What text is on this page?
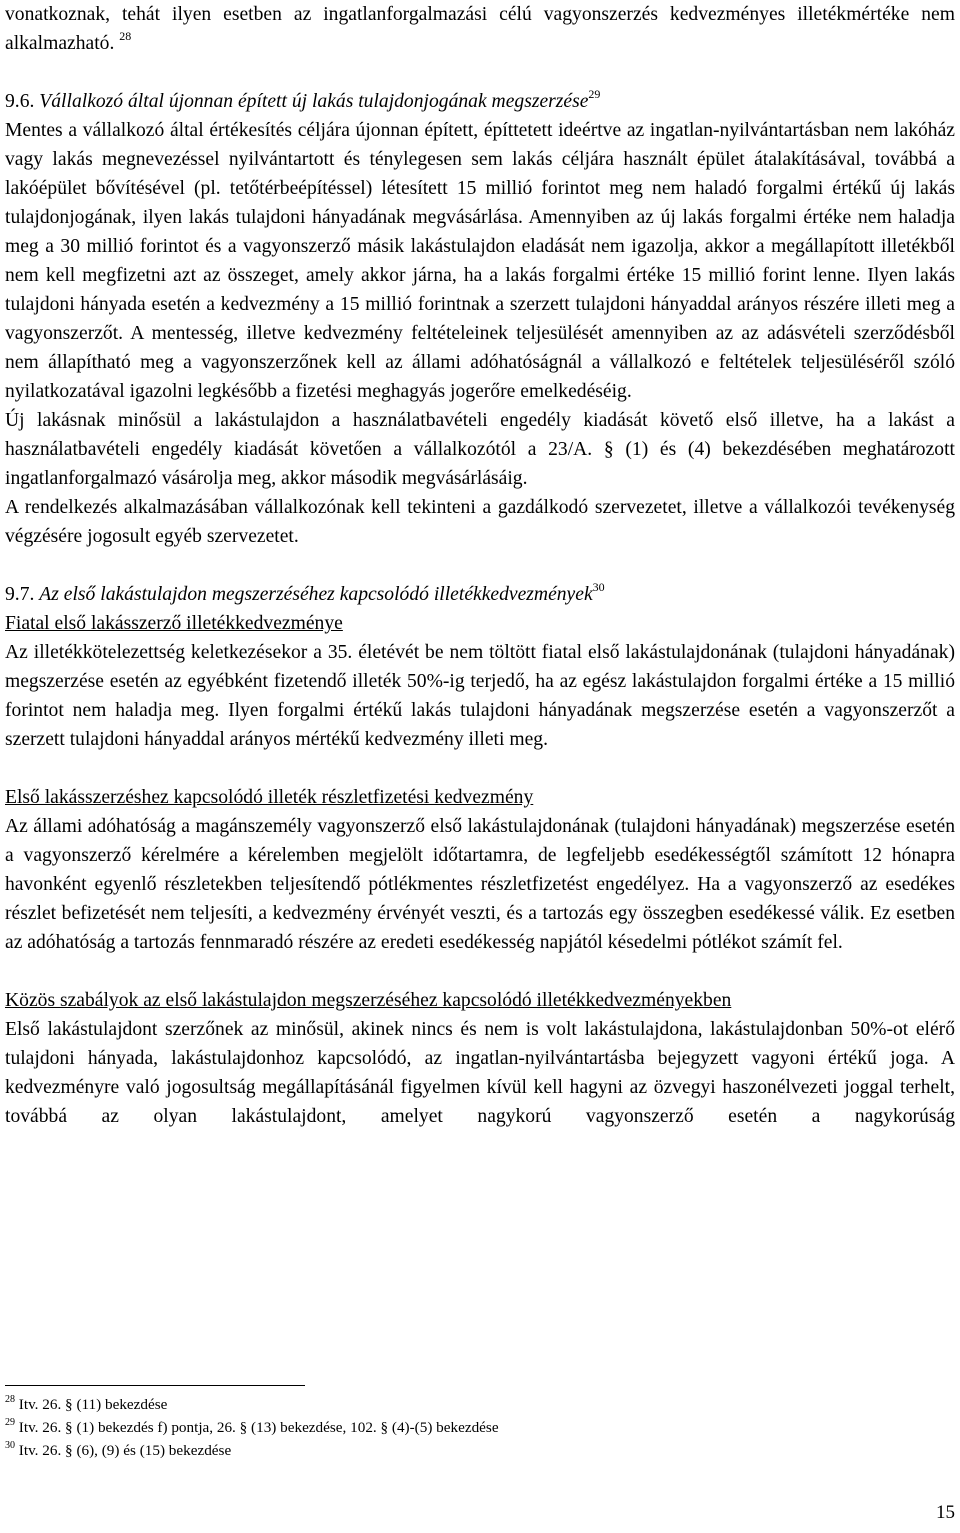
vonatkoznak, tehát ilyen esetben az ingatlanforgalmazási célú vagyonszerzés kedvezményes illetékmértéke nem alkalmazható. $^{28}$

9.6. Vállalkozó által újonnan épített új lakás tulajdonjogának megszerzése$^{29}$

Mentes a vállalkozó által értékesítés céljára újonnan épített, építtetett ideértve az ingatlan-nyilvántartásban nem lakóház vagy lakás megnevezéssel nyilvántartott és ténylegesen sem lakás céljára használt épület átalakításával, továbbá a lakóépület bővítésével (pl. tetőtérbeépítéssel) létesített 15 millió forintot meg nem haladó forgalmi értékű új lakás tulajdonjogának, ilyen lakás tulajdoni hányadának megvásárlása. Amennyiben az új lakás forgalmi értéke nem haladja meg a 30 millió forintot és a vagyonszerző másik lakástulajdon eladását nem igazolja, akkor a megállapított illetékből nem kell megfizetni azt az összeget, amely akkor járna, ha a lakás forgalmi értéke 15 millió forint lenne. Ilyen lakás tulajdoni hányada esetén a kedvezmény a 15 millió forintnak a szerzett tulajdoni hányaddal arányos részére illeti meg a vagyonszerzőt. A mentesség, illetve kedvezmény feltételeinek teljesülését amennyiben az az adásvételi szerződésből nem állapítható meg a vagyonszerzőnek kell az állami adóhatóságnál a vállalkozó e feltételek teljesüléséről szóló nyilatkozatával igazolni legkésőbb a fizetési meghagyás jogerőre emelkedéséig.

Új lakásnak minősül a lakástulajdon a használatbavételi engedély kiadását követő első illetve, ha a lakást a használatbavételi engedély kiadását követően a vállalkozótól a 23/A. § (1) és (4) bekezdésében meghatározott ingatlanforgalmazó vásárolja meg, akkor második megvásárlásáig.

A rendelkezés alkalmazásában vállalkozónak kell tekinteni a gazdálkodó szervezetet, illetve a vállalkozói tevékenység végzésére jogosult egyéb szervezetet.

9.7. Az első lakástulajdon megszerzéséhez kapcsolódó illetékkedvezmények$^{30}$

Fiatal első lakásszerző illetékkedvezménye

Az illetékkötelezettség keletkezésekor a 35. életévét be nem töltött fiatal első lakástulajdonának (tulajdoni hányadának) megszerzése esetén az egyébként fizetendő illeték 50%-ig terjedő, ha az egész lakástulajdon forgalmi értéke a 15 millió forintot nem haladja meg. Ilyen forgalmi értékű lakás tulajdoni hányadának megszerzése esetén a vagyonszerzőt a szerzett tulajdoni hányaddal arányos mértékű kedvezmény illeti meg.

Első lakásszerzéshez kapcsolódó illeték részletfizetési kedvezmény

Az állami adóhatóság a magánszemély vagyonszerző első lakástulajdonának (tulajdoni hányadának) megszerzése esetén a vagyonszerző kérelmére a kérelemben megjelölt időtartamra, de legfeljebb esedékességtől számított 12 hónapra havonként egyenlő részletekben teljesítendő pótlékmentes részletfizetést engedélyez. Ha a vagyonszerző az esedékes részlet befizetését nem teljesíti, a kedvezmény érvényét veszti, és a tartozás egy összegben esedékessé válik. Ez esetben az adóhatóság a tartozás fennmaradó részére az eredeti esedékesség napjától késedelmi pótlékot számít fel.

Közös szabályok az első lakástulajdon megszerzéséhez kapcsolódó illetékkedvezményekben

Első lakástulajdont szerzőnek az minősül, akinek nincs és nem is volt lakástulajdona, lakástulajdonban 50%-ot elérő tulajdoni hányada, lakástulajdonhoz kapcsolódó, az ingatlan-nyilvántartásba bejegyzett vagyoni értékű joga. A kedvezményre való jogosultság megállapításánál figyelmen kívül kell hagyni az özvegyi haszonélvezeti joggal terhelt, továbbá az olyan lakástulajdont, amelyet nagykorú vagyonszerző esetén a nagykorúság

$^{28}$ Itv. 26. § (11) bekezdése

$^{29}$ Itv. 26. § (1) bekezdés f) pontja, 26. § (13) bekezdése, 102. § (4)-(5) bekezdése

$^{30}$ Itv. 26. § (6), (9) és (15) bekezdése

15
